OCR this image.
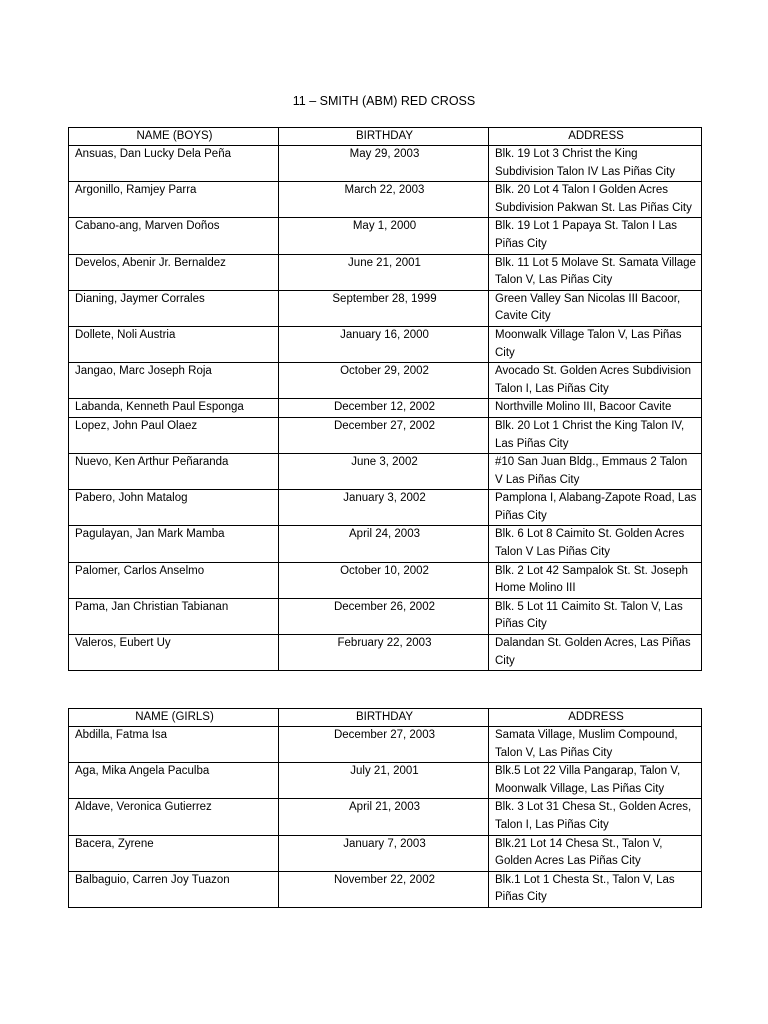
11 – SMITH (ABM) RED CROSS
NAME (BOYS)	BIRTHDAY	ADDRESS
Ansuas, Dan Lucky Dela Peña	May 29, 2003	Blk. 19 Lot 3 Christ the King Subdivision Talon IV Las Piñas City
Argonillo, Ramjey Parra	March 22, 2003	Blk. 20 Lot 4 Talon I Golden Acres Subdivision Pakwan St. Las Piñas City
Cabano-ang, Marven Doños	May 1, 2000	Blk. 19 Lot 1 Papaya St. Talon I Las Piñas City
Develos, Abenir Jr. Bernaldez	June 21, 2001	Blk. 11 Lot 5 Molave St. Samata Village Talon V, Las Piñas City
Dianing, Jaymer Corrales	September 28, 1999	Green Valley San Nicolas III Bacoor, Cavite City
Dollete, Noli Austria	January 16, 2000	Moonwalk Village Talon V, Las Piñas City
Jangao, Marc Joseph Roja	October 29, 2002	Avocado St. Golden Acres Subdivision Talon I, Las Piñas City
Labanda, Kenneth Paul Esponga	December 12, 2002	Northville Molino III, Bacoor Cavite
Lopez, John Paul Olaez	December 27, 2002	Blk. 20 Lot 1 Christ the King Talon IV, Las Piñas City
Nuevo, Ken Arthur Peñaranda	June 3, 2002	#10 San Juan Bldg., Emmaus 2 Talon V Las Piñas City
Pabero, John Matalog	January 3, 2002	Pamplona I, Alabang-Zapote Road, Las Piñas City
Pagulayan, Jan Mark Mamba	April 24, 2003	Blk. 6 Lot 8 Caimito St. Golden Acres Talon V Las Piñas City
Palomer, Carlos Anselmo	October 10, 2002	Blk. 2 Lot 42 Sampalok St. St. Joseph Home Molino III
Pama, Jan Christian Tabianan	December 26, 2002	Blk. 5 Lot 11 Caimito St. Talon V, Las Piñas City
Valeros, Eubert Uy	February 22, 2003	Dalandan St. Golden Acres, Las Piñas City
NAME (GIRLS)	BIRTHDAY	ADDRESS
Abdilla, Fatma Isa	December 27, 2003	Samata Village, Muslim Compound, Talon V, Las Piñas City
Aga, Mika Angela Paculba	July 21, 2001	Blk.5 Lot 22 Villa Pangarap, Talon V, Moonwalk Village, Las Piñas City
Aldave, Veronica Gutierrez	April 21, 2003	Blk. 3 Lot 31 Chesa St., Golden Acres, Talon I, Las Piñas City
Bacera, Zyrene	January 7, 2003	Blk.21 Lot 14 Chesa St., Talon V, Golden Acres Las Piñas City
Balbaguio, Carren Joy Tuazon	November 22, 2002	Blk.1 Lot 1 Chesta St., Talon V, Las Piñas City
